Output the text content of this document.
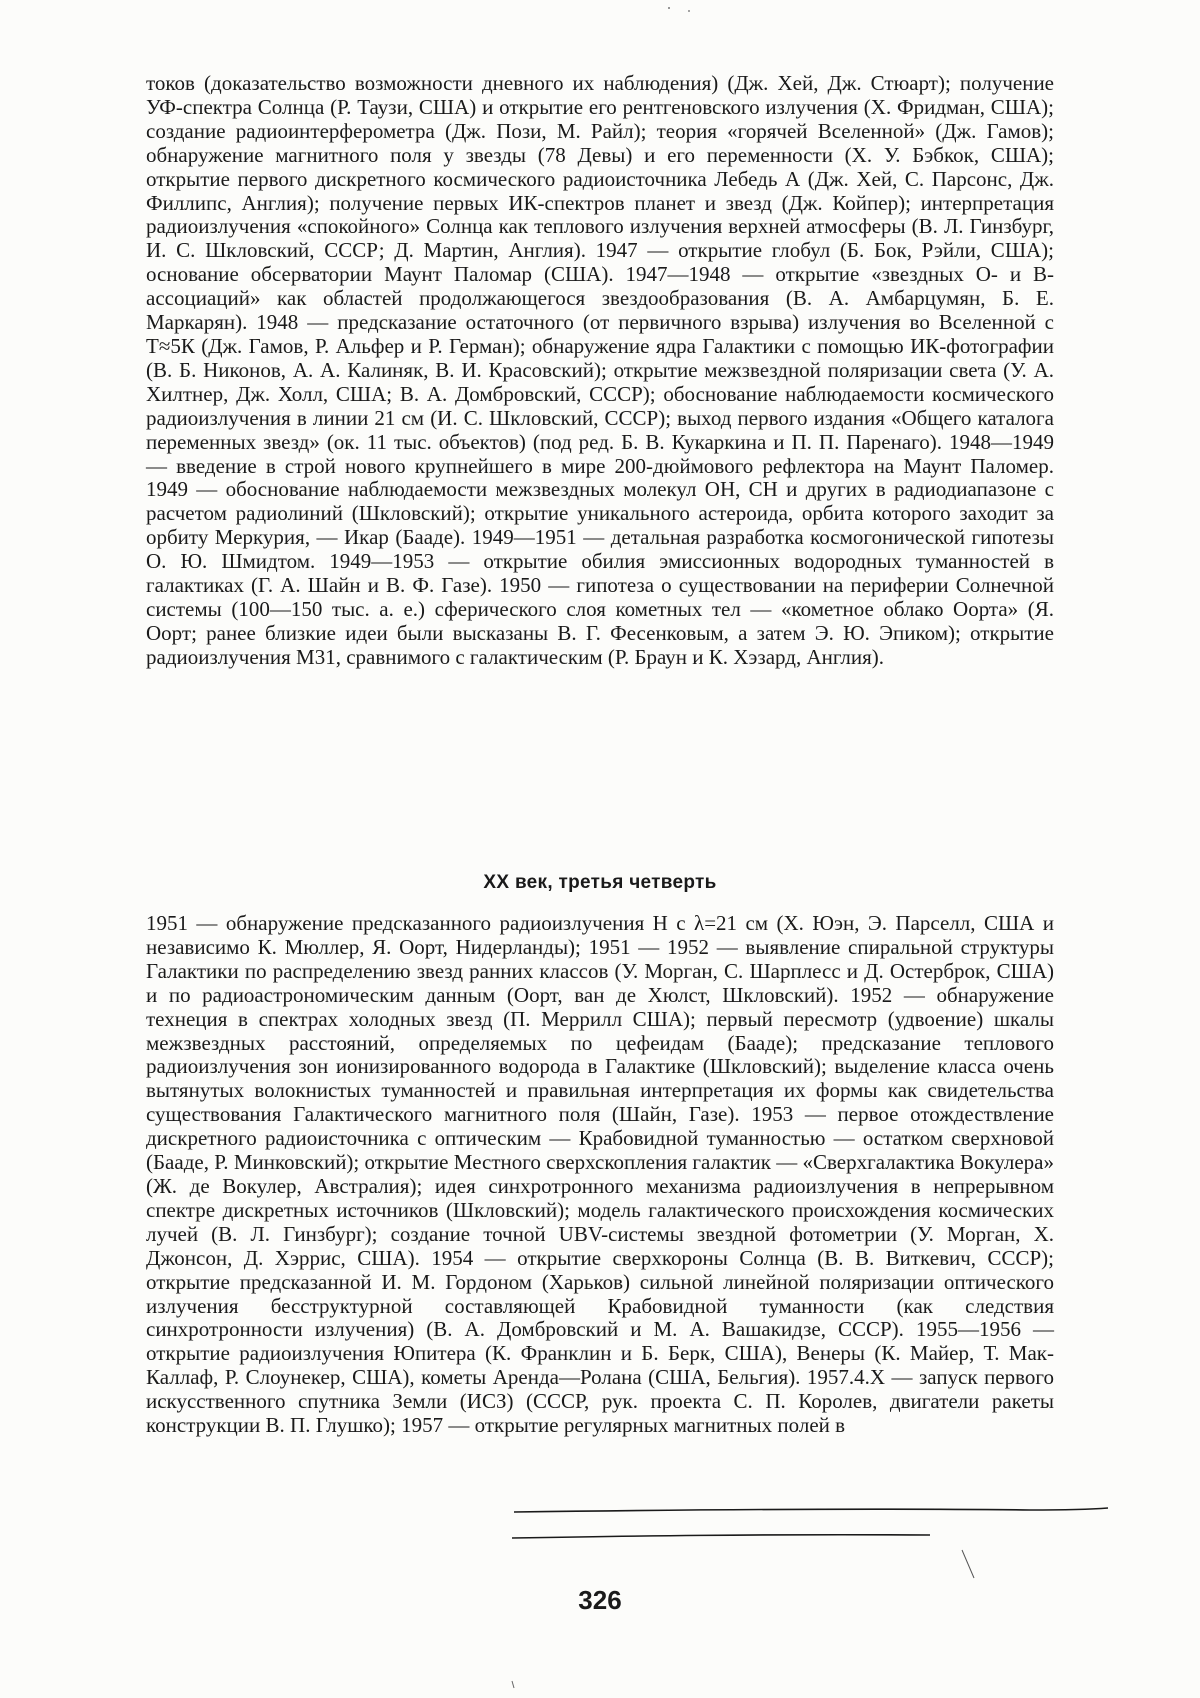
токов (доказательство возможности дневного их наблюдения) (Дж. Хей, Дж. Стюарт); получение УФ-спектра Солнца (Р. Таузи, США) и открытие его рентгеновского излучения (Х. Фридман, США); создание радиоинтерферометра (Дж. Пози, М. Райл); теория «горячей Вселенной» (Дж. Гамов); обнаружение магнитного поля у звезды (78 Девы) и его переменности (Х. У. Бэбкок, США); открытие первого дискретного космического радиоисточника Лебедь А (Дж. Хей, С. Парсонс, Дж. Филлипс, Англия); получение первых ИК-спектров планет и звезд (Дж. Койпер); интерпретация радиоизлучения «спокойного» Солнца как теплового излучения верхней атмосферы (В. Л. Гинзбург, И. С. Шкловский, СССР; Д. Мартин, Англия). 1947 — открытие глобул (Б. Бок, Рэйли, США); основание обсерватории Маунт Паломар (США). 1947—1948 — открытие «звездных О- и В-ассоциаций» как областей продолжающегося звездообразования (В. А. Амбарцумян, Б. Е. Маркарян). 1948 — предсказание остаточного (от первичного взрыва) излучения во Вселенной с Т≈5К (Дж. Гамов, Р. Альфер и Р. Герман); обнаружение ядра Галактики с помощью ИК-фотографии (В. Б. Никонов, А. А. Калиняк, В. И. Красовский); открытие межзвездной поляризации света (У. А. Хилтнер, Дж. Холл, США; В. А. Домбровский, СССР); обоснование наблюдаемости космического радиоизлучения в линии 21 см (И. С. Шкловский, СССР); выход первого издания «Общего каталога переменных звезд» (ок. 11 тыс. объектов) (под ред. Б. В. Кукаркина и П. П. Паренаго). 1948—1949 — введение в строй нового крупнейшего в мире 200-дюймового рефлектора на Маунт Паломер. 1949 — обоснование наблюдаемости межзвездных молекул OH, CH и других в радиодиапазоне с расчетом радиолиний (Шкловский); открытие уникального астероида, орбита которого заходит за орбиту Меркурия, — Икар (Бааде). 1949—1951 — детальная разработка космогонической гипотезы О. Ю. Шмидтом. 1949—1953 — открытие обилия эмиссионных водородных туманностей в галактиках (Г. А. Шайн и В. Ф. Газе). 1950 — гипотеза о существовании на периферии Солнечной системы (100—150 тыс. а. е.) сферического слоя кометных тел — «кометное облако Оорта» (Я. Оорт; ранее близкие идеи были высказаны В. Г. Фесенковым, а затем Э. Ю. Эпиком); открытие радиоизлучения М31, сравнимого с галактическим (Р. Браун и К. Хэзард, Англия).

XX век, третья четверть

1951 — обнаружение предсказанного радиоизлучения Н с λ=21 см (Х. Юэн, Э. Парселл, США и независимо К. Мюллер, Я. Оорт, Нидерланды); 1951 — 1952 — выявление спиральной структуры Галактики по распределению звезд ранних классов (У. Морган, С. Шарплесс и Д. Остерброк, США) и по радиоастрономическим данным (Оорт, ван де Хюлст, Шкловский). 1952 — обнаружение технеция в спектрах холодных звезд (П. Меррилл США); первый пересмотр (удвоение) шкалы межзвездных расстояний, определяемых по цефеидам (Бааде); предсказание теплового радиоизлучения зон ионизированного водорода в Галактике (Шкловский); выделение класса очень вытянутых волокнистых туманностей и правильная интерпретация их формы как свидетельства существования Галактического магнитного поля (Шайн, Газе). 1953 — первое отождествление дискретного радиоисточника с оптическим — Крабовидной туманностью — остатком сверхновой (Бааде, Р. Минковский); открытие Местного сверхскопления галактик — «Сверхгалактика Вокулера» (Ж. де Вокулер, Австралия); идея синхротронного механизма радиоизлучения в непрерывном спектре дискретных источников (Шкловский); модель галактического происхождения космических лучей (В. Л. Гинзбург); создание точной UBV-системы звездной фотометрии (У. Морган, Х. Джонсон, Д. Хэррис, США). 1954 — открытие сверхкороны Солнца (В. В. Виткевич, СССР); открытие предсказанной И. М. Гордоном (Харьков) сильной линейной поляризации оптического излучения бесструктурной составляющей Крабовидной туманности (как следствия синхротронности излучения) (В. А. Домбровский и М. А. Вашакидзе, СССР). 1955—1956 — открытие радиоизлучения Юпитера (К. Франклин и Б. Берк, США), Венеры (К. Майер, Т. Мак-Каллаф, Р. Слоунекер, США), кометы Аренда—Ролана (США, Бельгия). 1957.4.X — запуск первого искусственного спутника Земли (ИСЗ) (СССР, рук. проекта С. П. Королев, двигатели ракеты конструкции В. П. Глушко); 1957 — открытие регулярных магнитных полей в

326
